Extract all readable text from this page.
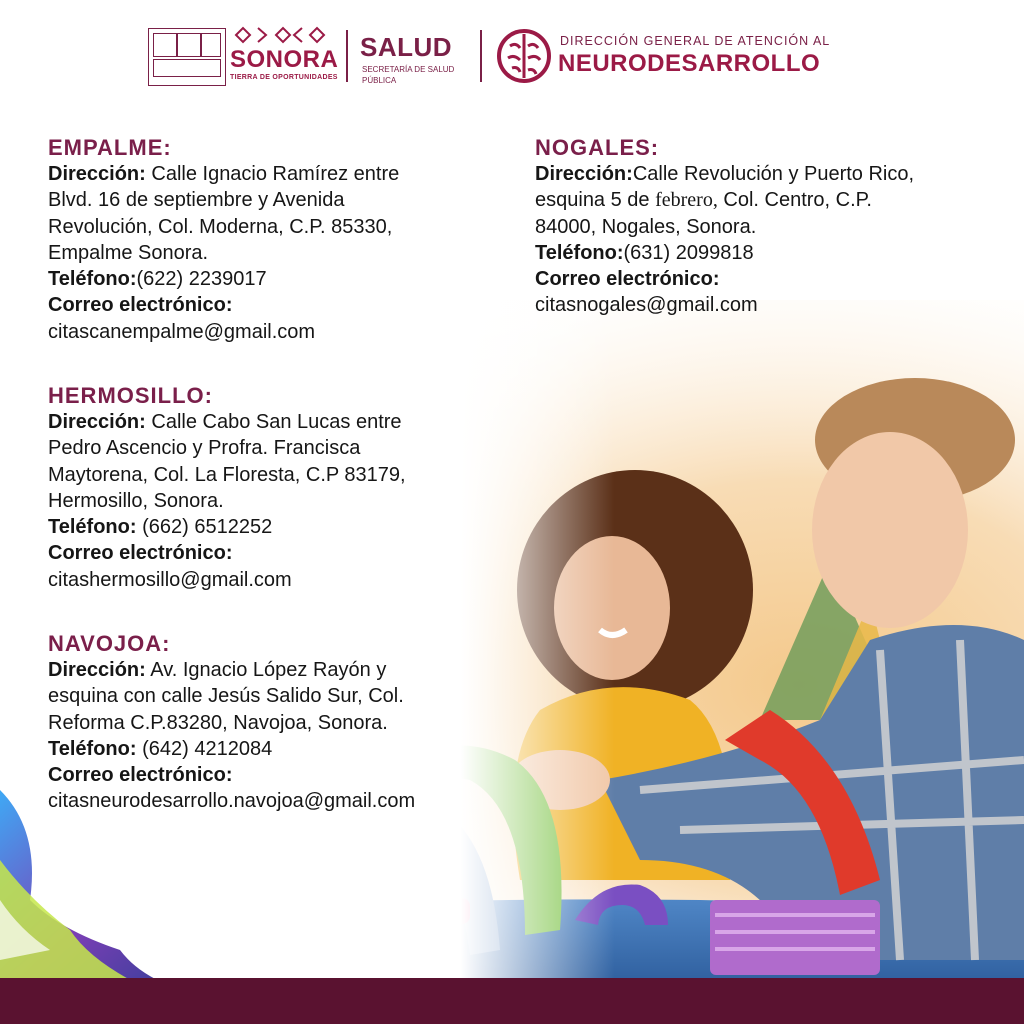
SONORA
TIERRA DE OPORTUNIDADES
SALUD
SECRETARÍA DE SALUD
PÚBLICA
DIRECCIÓN GENERAL DE ATENCIÓN AL
NEURODESARROLLO
EMPALME:
Dirección: Calle Ignacio Ramírez entre
Blvd. 16 de septiembre y Avenida
Revolución, Col. Moderna, C.P. 85330,
Empalme Sonora.
Teléfono:(622) 2239017
Correo electrónico:
citascanempalme@gmail.com
NOGALES:
Dirección:Calle Revolución y Puerto Rico,
esquina 5 de febrero, Col. Centro, C.P.
84000, Nogales, Sonora.
Teléfono:(631) 2099818
Correo electrónico:
citasnogales@gmail.com
HERMOSILLO:
Dirección: Calle Cabo San Lucas entre
Pedro Ascencio y Profra. Francisca
Maytorena, Col. La Floresta, C.P 83179,
Hermosillo, Sonora.
Teléfono: (662) 6512252
Correo electrónico:
citashermosillo@gmail.com
NAVOJOA:
Dirección: Av. Ignacio López Rayón y
esquina con calle Jesús Salido Sur, Col.
Reforma C.P.83280, Navojoa, Sonora.
Teléfono: (642) 4212084
Correo electrónico:
citasneurodesarrollo.navojoa@gmail.com
